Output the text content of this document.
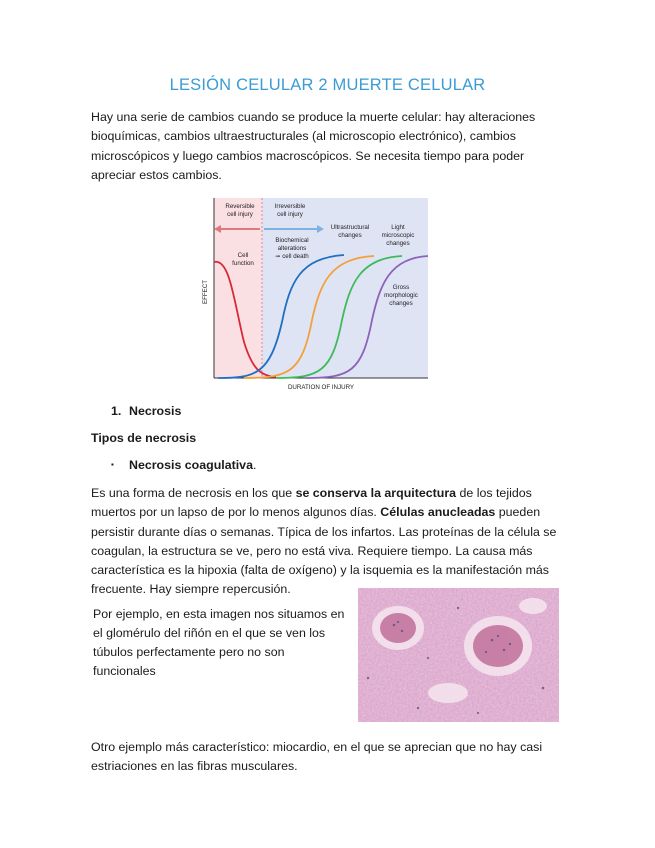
LESIÓN CELULAR 2 MUERTE CELULAR
Hay una serie de cambios cuando se produce la muerte celular: hay alteraciones bioquímicas, cambios ultraestructurales (al microscopio electrónico), cambios microscópicos y luego cambios macroscópicos. Se necesita tiempo para poder apreciar estos cambios.
Reversible
cell injury
Irreversible
cell injury
Cell
function
Biochemical
alterations
➞ cell death
Ultrastructural
changes
Light
microscopic
changes
Gross
morphologic
changes
DURATION OF INJURY
EFFECT
1. Necrosis
Tipos de necrosis
▪ Necrosis coagulativa.
Es una forma de necrosis en los que se conserva la arquitectura de los tejidos muertos por un lapso de por lo menos algunos días. Células anucleadas pueden persistir durante días o semanas. Típica de los infartos. Las proteínas de la célula se coagulan, la estructura se ve, pero no está viva. Requiere tiempo. La causa más característica es la hipoxia (falta de oxígeno) y la isquemia es la manifestación más frecuente. Hay siempre repercusión.
Por ejemplo, en esta imagen nos situamos en el glomérulo del riñón en el que se ven los túbulos perfectamente pero no son funcionales
Otro ejemplo más característico: miocardio, en el que se aprecian que no hay casi estriaciones en las fibras musculares.
